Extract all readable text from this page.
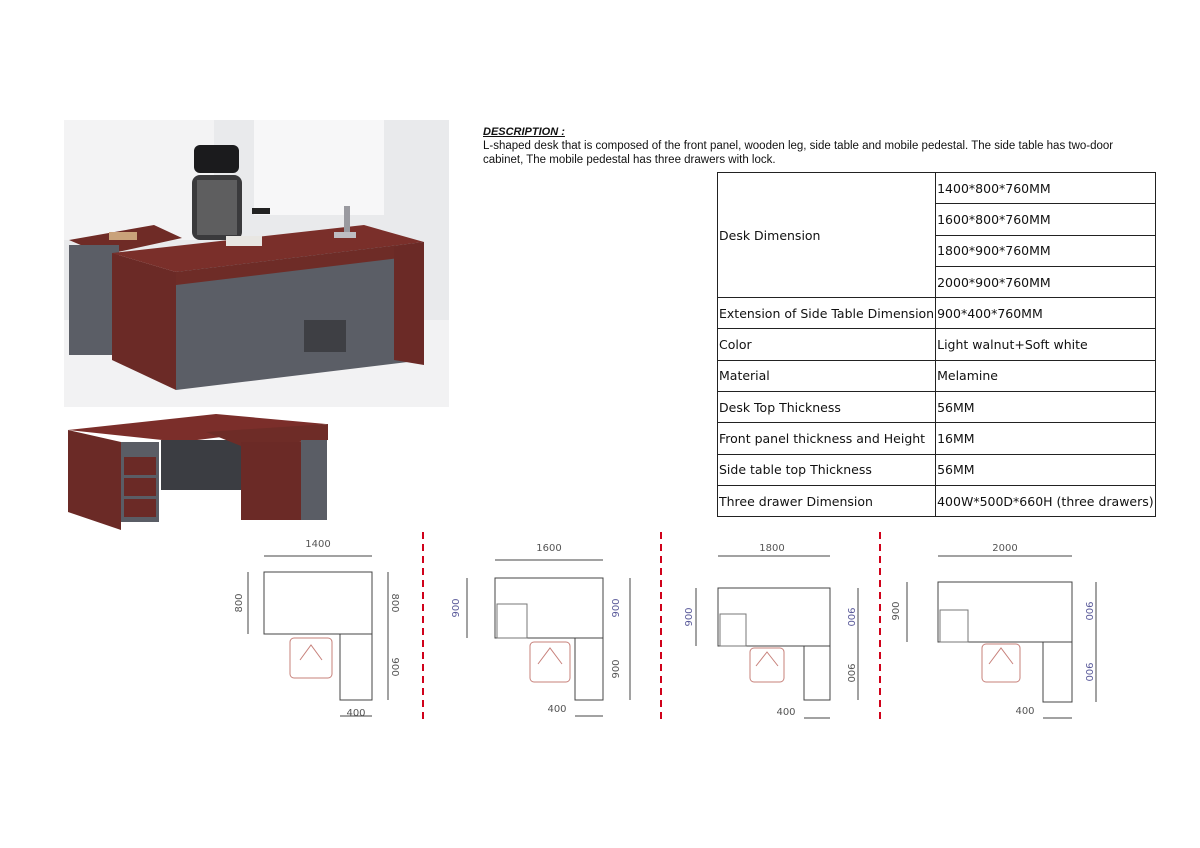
DESCRIPTION :

L-shaped desk that is composed of the front panel, wooden leg, side table and mobile pedestal. The side table has two-door cabinet, The mobile pedestal has three drawers with lock.

Desk Dimension	1400*800*760MM
	1600*800*760MM
	1800*900*760MM
	2000*900*760MM
Extension of Side Table Dimension	900*400*760MM
Color	Light walnut+Soft white
Material	Melamine
Desk Top Thickness	56MM
Front panel thickness and Height	16MM
Side table top Thickness	56MM
Three drawer Dimension	400W*500D*660H (three drawers)
1400
800	800
900
400
1600
900	900
900
400
1800
900	900
900
400
2000
900	900
900
400
